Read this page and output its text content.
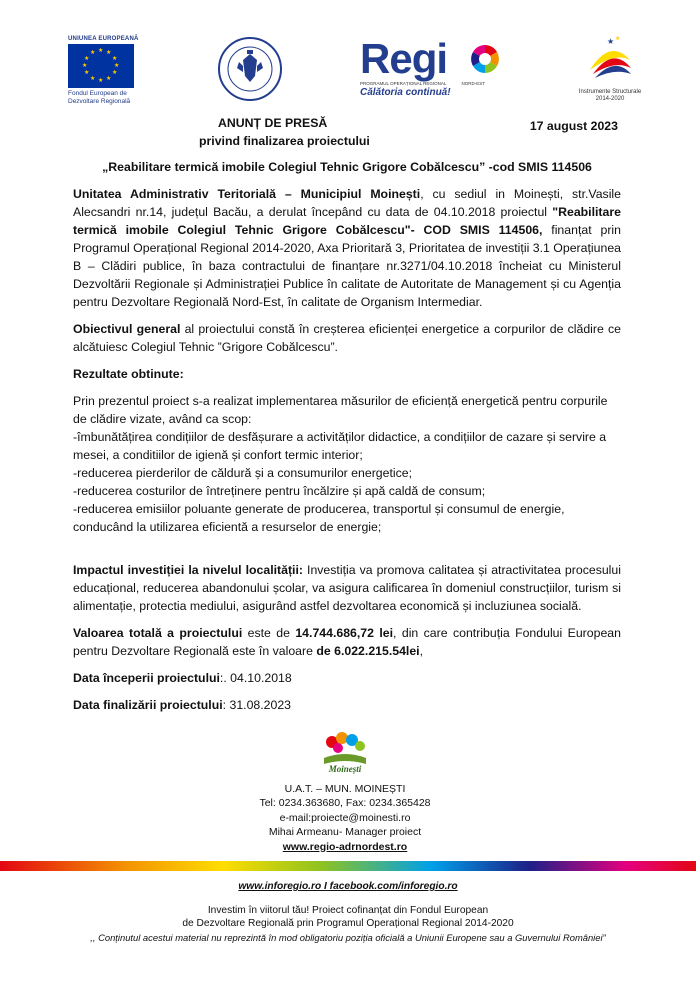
UNIUNEA EUROPEANĂ
★ ★
★
★
★
★
★
★
★
★
★
★
Fondul European de
Dezvoltare Regională
Regi
PROGRAMUL OPERAȚIONAL REGIONAL	NORD-EST
Călătoria continuă!
★ ★
Instrumente Structurale
2014-2020
ANUNȚ DE PRESĂ
privind finalizarea proiectului
17 august 2023
„Reabilitare termică imobile Colegiul Tehnic Grigore Cobălcescu” -cod SMIS 114506

Unitatea Administrativ Teritorială – Municipiul Moinești, cu sediul in Moinești, str.Vasile Alecsandri nr.14, județul Bacău, a derulat începând cu data de 04.10.2018 proiectul "Reabilitare termică imobile Colegiul Tehnic Grigore Cobălcescu"- COD SMIS 114506, finanțat prin Programul Operațional Regional 2014-2020, Axa Prioritară 3, Prioritatea de investiții 3.1 Operațiunea B – Clădiri publice, în baza contractului de finanțare nr.3271/04.10.2018 încheiat cu Ministerul Dezvoltării Regionale și Administrației Publice în calitate de Autoritate de Management și cu Agenția pentru Dezvoltare Regională Nord-Est, în calitate de Organism Intermediar.

Obiectivul general al proiectului constă în creșterea eficienței energetice a corpurilor de clădire ce alcătuiesc Colegiul Tehnic ”Grigore Cobălcescu”.

Rezultate obtinute:

Prin prezentul proiect s-a realizat implementarea măsurilor de eficiență energetică pentru corpurile de clădire vizate, având ca scop:
-îmbunătățirea condițiilor de desfășurare a activităților didactice, a condițiilor de cazare și servire a mesei, a conditiilor de igienă și confort termic interior;
-reducerea pierderilor de căldură și a consumurilor energetice;
-reducerea costurilor de întreținere pentru încălzire și apă caldă de consum;
-reducerea emisiilor poluante generate de producerea, transportul și consumul de energie, conducând la utilizarea eficientă a resurselor de energie;

Impactul investiției la nivelul localității: Investiția va promova calitatea și atractivitatea procesului educațional, reducerea abandonului școlar, va asigura calificarea în domeniul construcțiilor, turism si alimentație, protectia mediului, asigurând astfel dezvoltarea economică și incluziunea socială.

Valoarea totală a proiectului este de 14.744.686,72 lei, din care contribuția Fondului European pentru Dezvoltare Regională este în valoare de 6.022.215.54lei,

Data începerii proiectului:. 04.10.2018

Data finalizării proiectului: 31.08.2023

Moinești
U.A.T. – MUN. MOINEȘTI
Tel: 0234.363680, Fax: 0234.365428
e-mail:proiecte@moinesti.ro
Mihai Armeanu- Manager proiect
www.regio-adrnordest.ro
www.inforegio.ro I facebook.com/inforegio.ro
Investim în viitorul tău! Proiect cofinanțat din Fondul European
de Dezvoltare Regională prin Programul Operațional Regional 2014-2020
,, Conținutul acestui material nu reprezintă în mod obligatoriu poziția oficială a Uniunii Europene sau a Guvernului României”
